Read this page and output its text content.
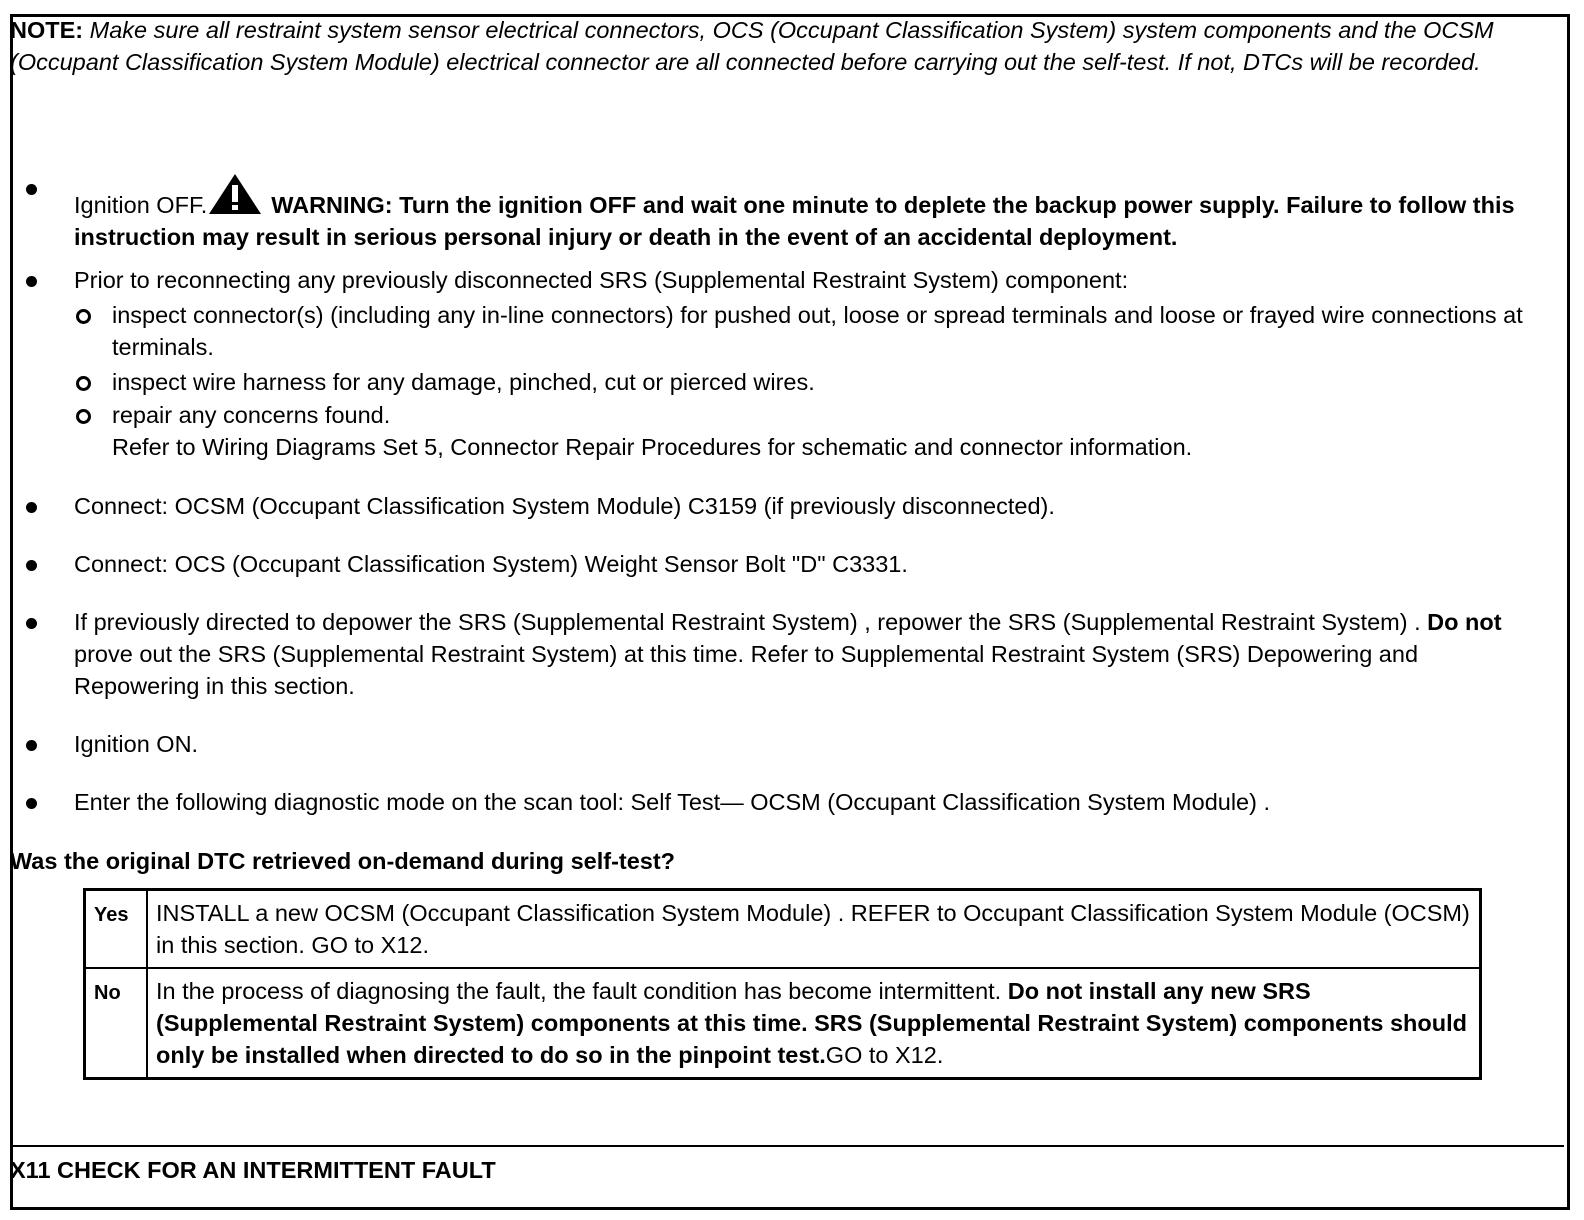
NOTE: Make sure all restraint system sensor electrical connectors, OCS (Occupant Classification System) system components and the OCSM (Occupant Classification System Module) electrical connector are all connected before carrying out the self-test. If not, DTCs will be recorded.
Ignition OFF.	WARNING: Turn the ignition OFF and wait one minute to deplete the backup power supply. Failure to follow this instruction may result in serious personal injury or death in the event of an accidental deployment.
Prior to reconnecting any previously disconnected SRS (Supplemental Restraint System) component:
inspect connector(s) (including any in-line connectors) for pushed out, loose or spread terminals and loose or frayed wire connections at terminals.
inspect wire harness for any damage, pinched, cut or pierced wires.
repair any concerns found.
Refer to Wiring Diagrams Set 5, Connector Repair Procedures for schematic and connector information.
Connect: OCSM (Occupant Classification System Module) C3159 (if previously disconnected).
Connect: OCS (Occupant Classification System) Weight Sensor Bolt "D" C3331.
If previously directed to depower the SRS (Supplemental Restraint System) , repower the SRS (Supplemental Restraint System) . Do not prove out the SRS (Supplemental Restraint System) at this time. Refer to Supplemental Restraint System (SRS) Depowering and Repowering in this section.
Ignition ON.
Enter the following diagnostic mode on the scan tool: Self Test— OCSM (Occupant Classification System Module) .
Was the original DTC retrieved on-demand during self-test?
Yes	INSTALL a new OCSM (Occupant Classification System Module) . REFER to Occupant Classification System Module (OCSM) in this section. GO to X12.
No	In the process of diagnosing the fault, the fault condition has become intermittent. Do not install any new SRS (Supplemental Restraint System) components at this time. SRS (Supplemental Restraint System) components should only be installed when directed to do so in the pinpoint test.GO to X12.
X11 CHECK FOR AN INTERMITTENT FAULT
